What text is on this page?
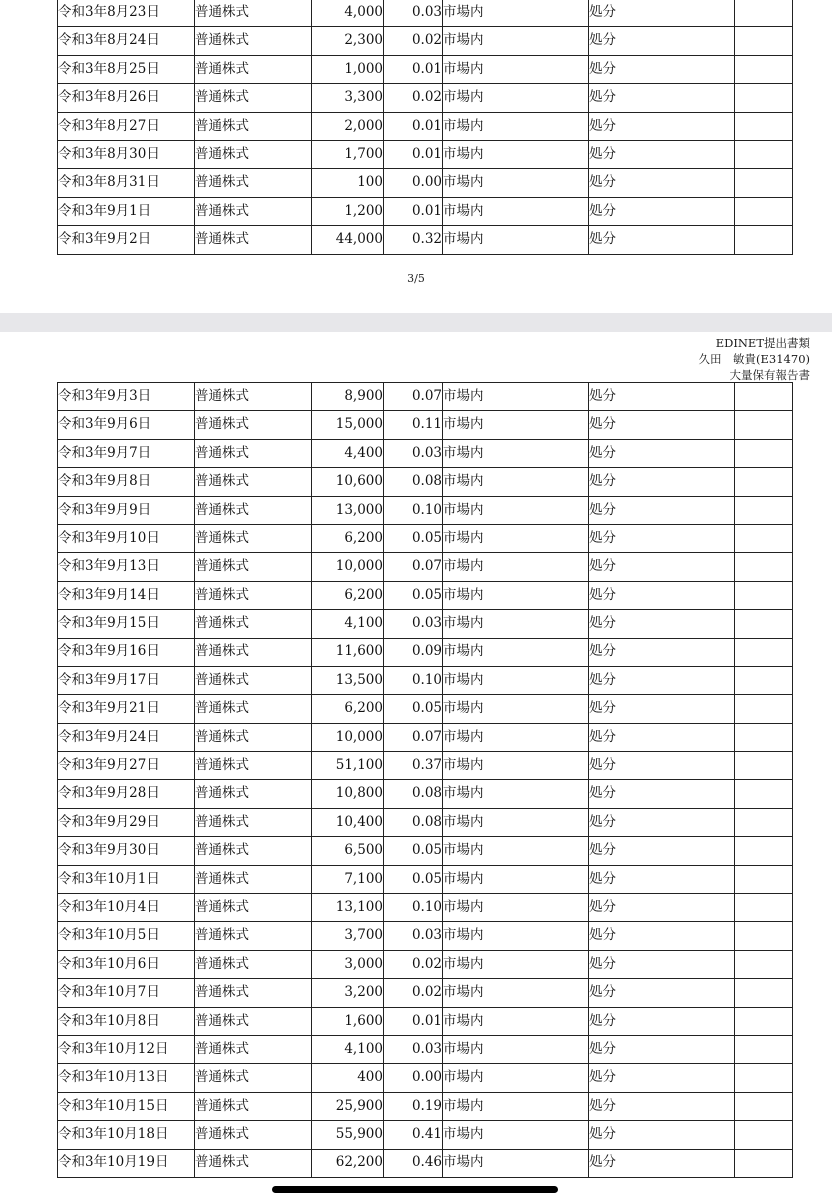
令和3年8月23日	普通株式	4,000	0.03	市場内	処分	
令和3年8月24日	普通株式	2,300	0.02	市場内	処分	
令和3年8月25日	普通株式	1,000	0.01	市場内	処分	
令和3年8月26日	普通株式	3,300	0.02	市場内	処分	
令和3年8月27日	普通株式	2,000	0.01	市場内	処分	
令和3年8月30日	普通株式	1,700	0.01	市場内	処分	
令和3年8月31日	普通株式	100	0.00	市場内	処分	
令和3年9月1日	普通株式	1,200	0.01	市場内	処分	
令和3年9月2日	普通株式	44,000	0.32	市場内	処分	
3/5
EDINET提出書類
久田　敏貴(E31470)
大量保有報告書
令和3年9月3日	普通株式	8,900	0.07	市場内	処分	
令和3年9月6日	普通株式	15,000	0.11	市場内	処分	
令和3年9月7日	普通株式	4,400	0.03	市場内	処分	
令和3年9月8日	普通株式	10,600	0.08	市場内	処分	
令和3年9月9日	普通株式	13,000	0.10	市場内	処分	
令和3年9月10日	普通株式	6,200	0.05	市場内	処分	
令和3年9月13日	普通株式	10,000	0.07	市場内	処分	
令和3年9月14日	普通株式	6,200	0.05	市場内	処分	
令和3年9月15日	普通株式	4,100	0.03	市場内	処分	
令和3年9月16日	普通株式	11,600	0.09	市場内	処分	
令和3年9月17日	普通株式	13,500	0.10	市場内	処分	
令和3年9月21日	普通株式	6,200	0.05	市場内	処分	
令和3年9月24日	普通株式	10,000	0.07	市場内	処分	
令和3年9月27日	普通株式	51,100	0.37	市場内	処分	
令和3年9月28日	普通株式	10,800	0.08	市場内	処分	
令和3年9月29日	普通株式	10,400	0.08	市場内	処分	
令和3年9月30日	普通株式	6,500	0.05	市場内	処分	
令和3年10月1日	普通株式	7,100	0.05	市場内	処分	
令和3年10月4日	普通株式	13,100	0.10	市場内	処分	
令和3年10月5日	普通株式	3,700	0.03	市場内	処分	
令和3年10月6日	普通株式	3,000	0.02	市場内	処分	
令和3年10月7日	普通株式	3,200	0.02	市場内	処分	
令和3年10月8日	普通株式	1,600	0.01	市場内	処分	
令和3年10月12日	普通株式	4,100	0.03	市場内	処分	
令和3年10月13日	普通株式	400	0.00	市場内	処分	
令和3年10月15日	普通株式	25,900	0.19	市場内	処分	
令和3年10月18日	普通株式	55,900	0.41	市場内	処分	
令和3年10月19日	普通株式	62,200	0.46	市場内	処分	
